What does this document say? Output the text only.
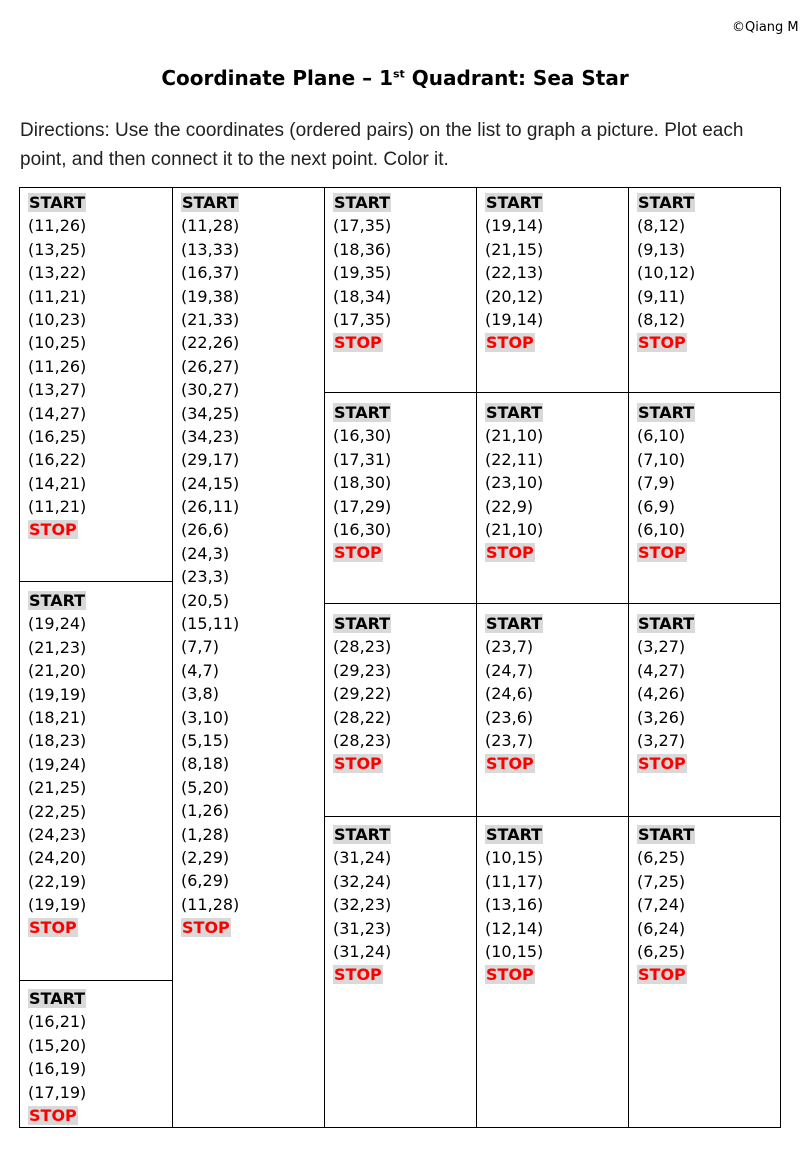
©Qiang M
Coordinate Plane – 1st Quadrant: Sea Star
Directions: Use the coordinates (ordered pairs) on the list to graph a picture. Plot each
point, and then connect it to the next point. Color it.
START
(11,26)
(13,25)
(13,22)
(11,21)
(10,23)
(10,25)
(11,26)
(13,27)
(14,27)
(16,25)
(16,22)
(14,21)
(11,21)
STOP
START
(19,24)
(21,23)
(21,20)
(19,19)
(18,21)
(18,23)
(19,24)
(21,25)
(22,25)
(24,23)
(24,20)
(22,19)
(19,19)
STOP
START
(16,21)
(15,20)
(16,19)
(17,19)
STOP
START
(11,28)
(13,33)
(16,37)
(19,38)
(21,33)
(22,26)
(26,27)
(30,27)
(34,25)
(34,23)
(29,17)
(24,15)
(26,11)
(26,6)
(24,3)
(23,3)
(20,5)
(15,11)
(7,7)
(4,7)
(3,8)
(3,10)
(5,15)
(8,18)
(5,20)
(1,26)
(1,28)
(2,29)
(6,29)
(11,28)
STOP
START
(17,35)
(18,36)
(19,35)
(18,34)
(17,35)
STOP
START
(16,30)
(17,31)
(18,30)
(17,29)
(16,30)
STOP
START
(28,23)
(29,23)
(29,22)
(28,22)
(28,23)
STOP
START
(31,24)
(32,24)
(32,23)
(31,23)
(31,24)
STOP
START
(19,14)
(21,15)
(22,13)
(20,12)
(19,14)
STOP
START
(21,10)
(22,11)
(23,10)
(22,9)
(21,10)
STOP
START
(23,7)
(24,7)
(24,6)
(23,6)
(23,7)
STOP
START
(10,15)
(11,17)
(13,16)
(12,14)
(10,15)
STOP
START
(8,12)
(9,13)
(10,12)
(9,11)
(8,12)
STOP
START
(6,10)
(7,10)
(7,9)
(6,9)
(6,10)
STOP
START
(3,27)
(4,27)
(4,26)
(3,26)
(3,27)
STOP
START
(6,25)
(7,25)
(7,24)
(6,24)
(6,25)
STOP
